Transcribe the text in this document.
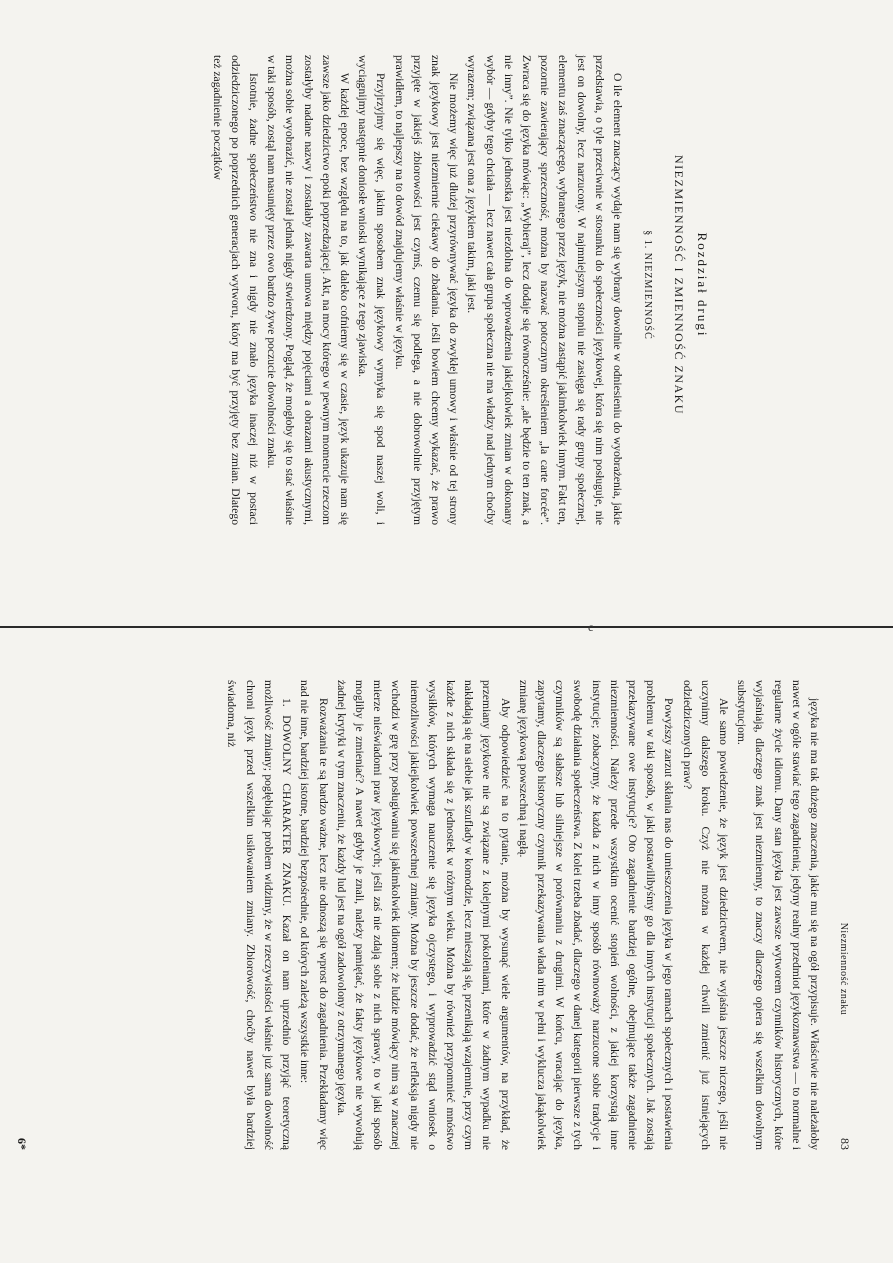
c
Rozdział drugi
NIEZMIENNOŚĆ I ZMIENNOŚĆ ZNAKU
§ 1. NIEZMIENNOŚĆ

O ile element znaczący wydaje nam się wybrany dowolnie w odniesieniu do wyobrażenia, jakie przedstawia, o tyle przeciwnie w stosunku do społeczności językowej, która się nim posługuje, nie jest on dowolny, lecz narzucony. W najmniejszym stopniu nie zasięga się rady grupy społecznej, elementu zaś znaczącego, wybranego przez język, nie można zastąpić jakimkolwiek innym. Fakt ten, pozornie zawierający sprzeczność, można by nazwać potocznym określeniem „la carte forcée”. Zwraca się do języka mówiąc: „Wybieraj”, lecz dodaje się równocześnie: „ale będzie to ten znak, a nie inny”. Nie tylko jednostka jest niezdolna do wprowadzenia jakiejkolwiek zmian w dokonany wybór — gdyby tego chciała — lecz nawet cała grupa społeczna nie ma władzy nad jednym choćby wyrazem; związana jest ona z językiem takim, jaki jest.

Nie możemy więc już dłużej przyrównywać języka do zwykłej umowy i właśnie od tej strony znak językowy jest niezmiernie ciekawy do zbadania. Jeśli bowiem chcemy wykazać, że prawo przyjęte w jakiejś zbiorowości jest czymś, czemu się podlega, a nie dobrowolnie przyjętym prawidłem, to najlepszy na to dowód znajdujemy właśnie w języku.

Przyjrzyjmy się więc, jakim sposobem znak językowy wymyka się spod naszej woli, i wyciągnijmy następnie doniosłe wnioski wynikające z tego zjawiska.

W każdej epoce, bez względu na to, jak daleko cofniemy się w czasie, język ukazuje nam się zawsze jako dziedzictwo epoki poprzedzającej. Akt, na mocy którego w pewnym momencie rzeczom zostałyby nadane nazwy i zostałaby zawarta umowa między pojęciami a obrazami akustycznymi, można sobie wyobrazić, nie został jednak nigdy stwierdzony. Pogląd, że mogłoby się to stać właśnie w taki sposób, zostąl nam nasunięty przez owo bardzo żywe poczucie dowolności znaku.

Istotnie, żadne społeczeństwo nie zna i nigdy nie znało języka inaczej niż w postaci odziedziczonego po poprzednich generacjach wytworu, który ma być przyjęty bez zmian. Dlatego też zagadnienie początków

Niezmienność znaku
83

języka nie ma tak dużego znaczenia, jakie mu się na ogół przypisuje. Właściwie nie należałoby nawet w ogóle stawiać tego zagadnienia; jedyny realny przedmiot językoznawstwa — to normalne i regularne życie idiomu. Dany stan języka jest zawsze wytworem czynników historycznych, które wyjaśniają, dlaczego znak jest niezmienny, to znaczy dlaczego opiera się wszelkim dowolnym substytucjom.

Ale samo powiedzenie, że język jest dziedzictwem, nie wyjaśnia jeszcze niczego, jeśli nie uczynimy dalszego kroku. Czyż nie można w każdej chwili zmienić już istniejących odziedziczonych praw?

Powyższy zarzut skłania nas do umieszczenia języka w jego ramach społecznych i postawienia problemu w taki sposób, w jaki postawilibyśmy go dla innych instytucji społecznych. Jak zostają przekazywane owe instytucje? Oto zagadnienie bardziej ogólne, obejmujące także zagadnienie niezmienności. Należy przede wszystkim ocenić stopień wolności, z jakiej korzystają inne instytucje; zobaczymy, że każda z nich w inny sposób równoważy narzucone sobie tradycje i swobodę działania społeczeństwa. Z kolei trzeba zbadać, dlaczego w danej kategorii pierwsze z tych czynników są słabsze lub silniejsze w porównaniu z drugimi. W końcu, wracając do języka, zapytamy, dlaczego historyczny czynnik przekazywania włada nim w pełni i wyklucza jakąkolwiek zmianę językową powszechną i nagłą.

Aby odpowiedzieć na to pytanie, można by wysunąć wiele argumentów, na przykład, że przemiany językowe nie są związane z kolejnymi pokoleniami, które w żadnym wypadku nie nakładają się na siebie jak szuflady w komodzie, lecz mieszają się, przenikają wzajemnie, przy czym każde z nich składa się z jednostek w różnym wieku. Można by również przypomnieć mnóstwo wysiłków, których wymaga nauczenie się języka ojczystego, i wyprowadzić stąd wniosek o niemożliwości jakiejkolwiek powszechnej zmiany. Można by jeszcze dodać, że refleksja nigdy nie wchodzi w grę przy posługiwaniu się jakimkolwiek idiomem; że ludzie mówiący nim są w znacznej mierze nieświadomi praw językowych; jeśli zaś nie zdają sobie z nich sprawy, to w jaki sposób mogliby je zmieniać? A nawet gdyby je znali, należy pamiętać, że fakty językowe nie wywołują żadnej krytyki w tym znaczeniu, że każdy lud jest na ogół zadowolony z otrzymanego języka.

Rozważania te są bardzo ważne, lecz nie odnoszą się wprost do zagadnienia. Przekładamy więc nad nie inne, bardziej istotne, bardziej bezpośrednie, od których zależą wszystkie inne:

1. DOWOLNY CHARAKTER ZNAKU. Kazał on nam uprzednio przyjąć teoretyczną możliwość zmiany; pogłębiając problem widzimy, że w rzeczywistości właśnie już sama dowolność chroni język przed wszelkim usiłowaniem zmiany. Zbiorowość, choćby nawet była bardziej świadoma, niż

6*
